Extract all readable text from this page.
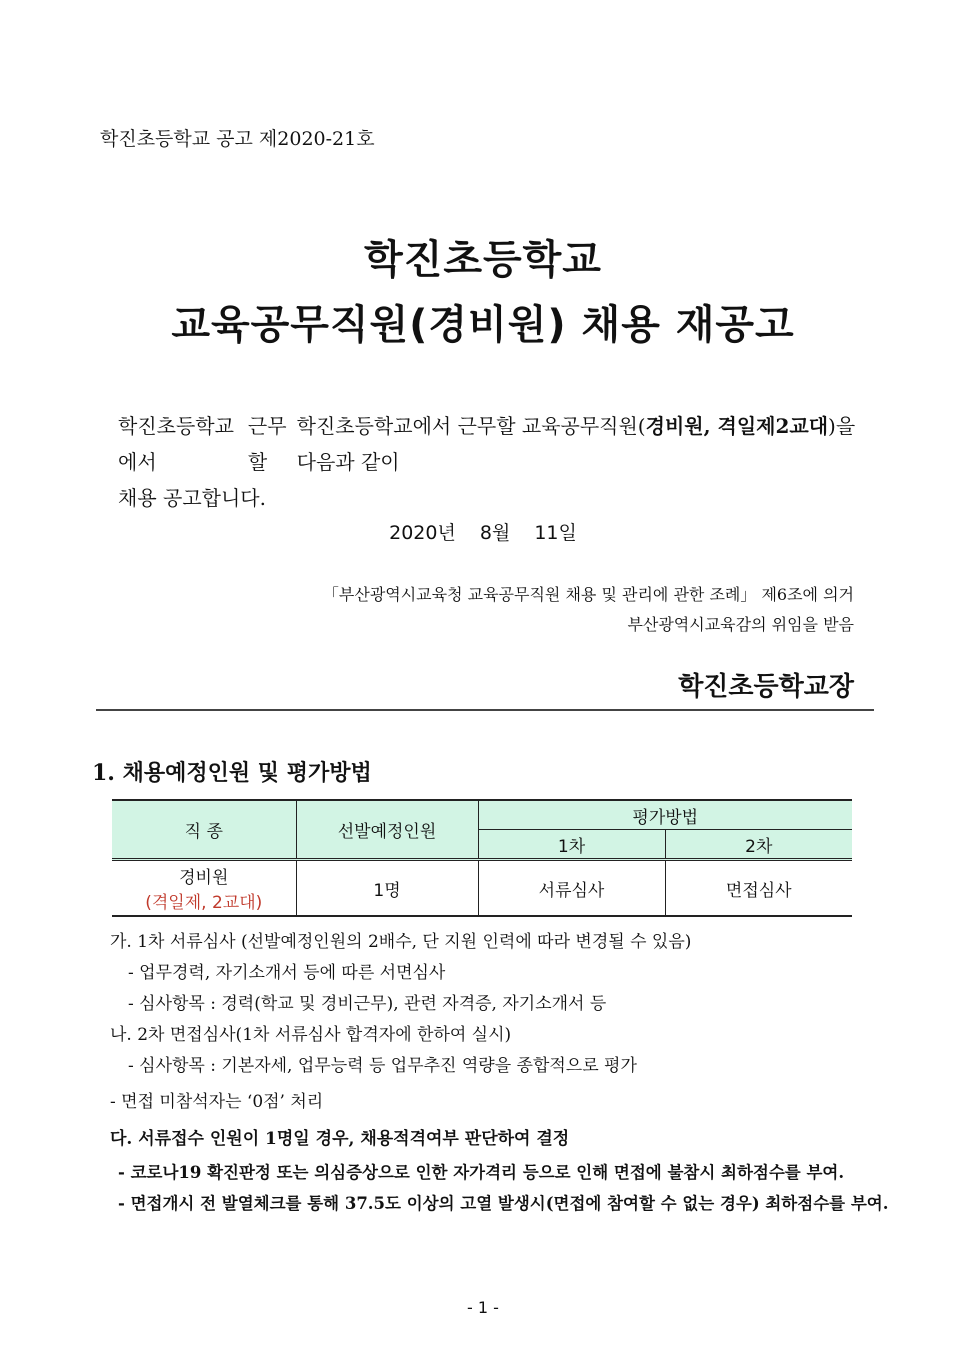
학진초등학교 공고 제2020-21호
학진초등학교
교육공무직원(경비원) 채용 재공고
학진초등학교에서
근무할
학진초등학교에서 근무할 교육공무직원(경비원, 격일제2교대)을 다음과 같이
채용 공고합니다.
2020년 8월 11일
「부산광역시교육청 교육공무직원 채용 및 관리에 관한 조례」 제6조에 의거
부산광역시교육감의 위임을 받음
학진초등학교장
1. 채용예정인원 및 평가방법
직 종	선발예정인원	평가방법	
		1차	2차
경비원
(격일제, 2교대)	1명	서류심사	면접심사
가. 1차 서류심사 (선발예정인원의 2배수, 단 지원 인력에 따라 변경될 수 있음)
- 업무경력, 자기소개서 등에 따른 서면심사
- 심사항목 : 경력(학교 및 경비근무), 관련 자격증, 자기소개서 등
나. 2차 면접심사(1차 서류심사 합격자에 한하여 실시)
- 심사항목 : 기본자세, 업무능력 등 업무추진 역량을 종합적으로 평가
- 면접 미참석자는 ‘0점’ 처리
다. 서류접수 인원이 1명일 경우, 채용적격여부 판단하여 결정
- 코로나19 확진판정 또는 의심증상으로 인한 자가격리 등으로 인해 면접에 불참시 최하점수를 부여.
- 면접개시 전 발열체크를 통해 37.5도 이상의 고열 발생시(면접에 참여할 수 없는 경우) 최하점수를 부여.
- 1 -
